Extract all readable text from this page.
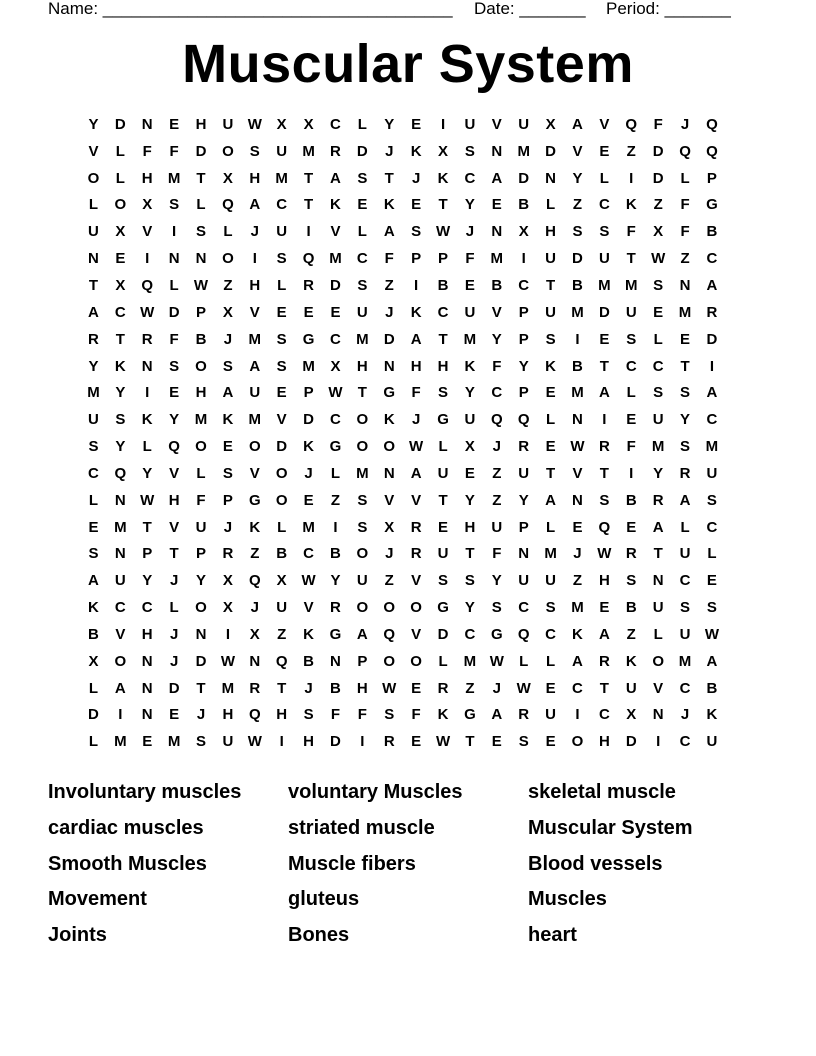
Name: _____________________________________ Date: _______ Period: _______
Muscular System
Y	D	N	E	H	U W X	X	C	L	Y	E	I	U	V	U	X	A	V	Q	F	J	Q
V	L	F	F	D	O	S	U	M	R	D	J	K	X	S	N	M	D	V	E	Z	D	Q	Q
O	L	H	M	T	X	H	M	T	A	S	T	J	K	C	A	D	N	Y	L	I	D	L	P
L	O	X	S	L	Q	A	C	T	K	E	K	E	T	Y	E	B	L	Z	C	K	Z	F	G
U	X	V	I	S	L	J	U	I	V	L	A	S W	J	N	X	H	S	S	F	X	F	B
N	E	I	N	N	O	I	S	Q M	C	F	P	P	F	M	I	U	D	U	T	W	Z	C
T	X	Q	L	W	Z	H	L	R	D	S	Z	I	B	E	B	C	T	B	M M	S	N	A
A	C W D	P	X	V	E	E	E	U	J	K	C	U	V	P	U	M	D	U	E	M	R
R	T	R	F	B	J	M	S	G	C	M	D	A	T	M	Y	P	S	I	E	S	L	E	D
Y	K	N	S	O	S	A	S	M	X	H	N	H	H	K	F	Y	K	B	T	C	C	T	I
M	Y	I	E	H	A	U	E	P W	T	G	F	S	Y	C	P	E	M	A	L	S	S	A
U	S	K	Y	M	K	M	V	D	C	O	K	J	G	U	Q	Q	L	N	I	E	U	Y	C
S	Y	L	Q	O	E	O	D	K	G	O	O W	L	X	J	R	E W R	F	M	S	M
C	Q	Y	V	L	S	V	O	J	L	M	N	A	U	E	Z	U	T	V	T	I	Y	R	U
L	N W H	F	P	G	O	E	Z	S	V	V	T	Y	Z	Y	A	N	S	B	R	A	S
E	M	T	V	U	J	K	L	M	I	S	X	R	E	H	U	P	L	E	Q	E	A	L	C
S	N	P	T	P	R	Z	B	C	B	O	J	R	U	T	F	N	M	J	W R	T	U	L
A	U	Y	J	Y	X	Q	X W Y	U	Z	V	S	S	Y	U	U	Z	H	S	N	C	E
K	C	C	L	O	X	J	U	V	R	O	O	O	G	Y	S	C	S	M	E	B	U	S	S
B	V	H	J	N	I	X	Z	K	G	A	Q	V	D	C	G	Q	C	K	A	Z	L	U W
X	O	N	J	D W N	Q	B	N	P	O	O	L	M W	L	L	A	R	K	O M	A
L	A	N	D	T	M	R	T	J	B	H W E	R	Z	J	W E	C	T	U	V	C	B
D	I	N	E	J	H	Q	H	S	F	F	S	F	K	G	A	R	U	I	C	X	N	J	K
L	M	E	M	S	U W	I	H	D	I	R	E W	T	E	S	E	O	H	D	I	C	U
Involuntary muscles	voluntary Muscles	skeletal muscle
cardiac muscles	striated muscle	Muscular System
Smooth Muscles	Muscle fibers	Blood vessels
Movement	gluteus	Muscles
Joints	Bones	heart
